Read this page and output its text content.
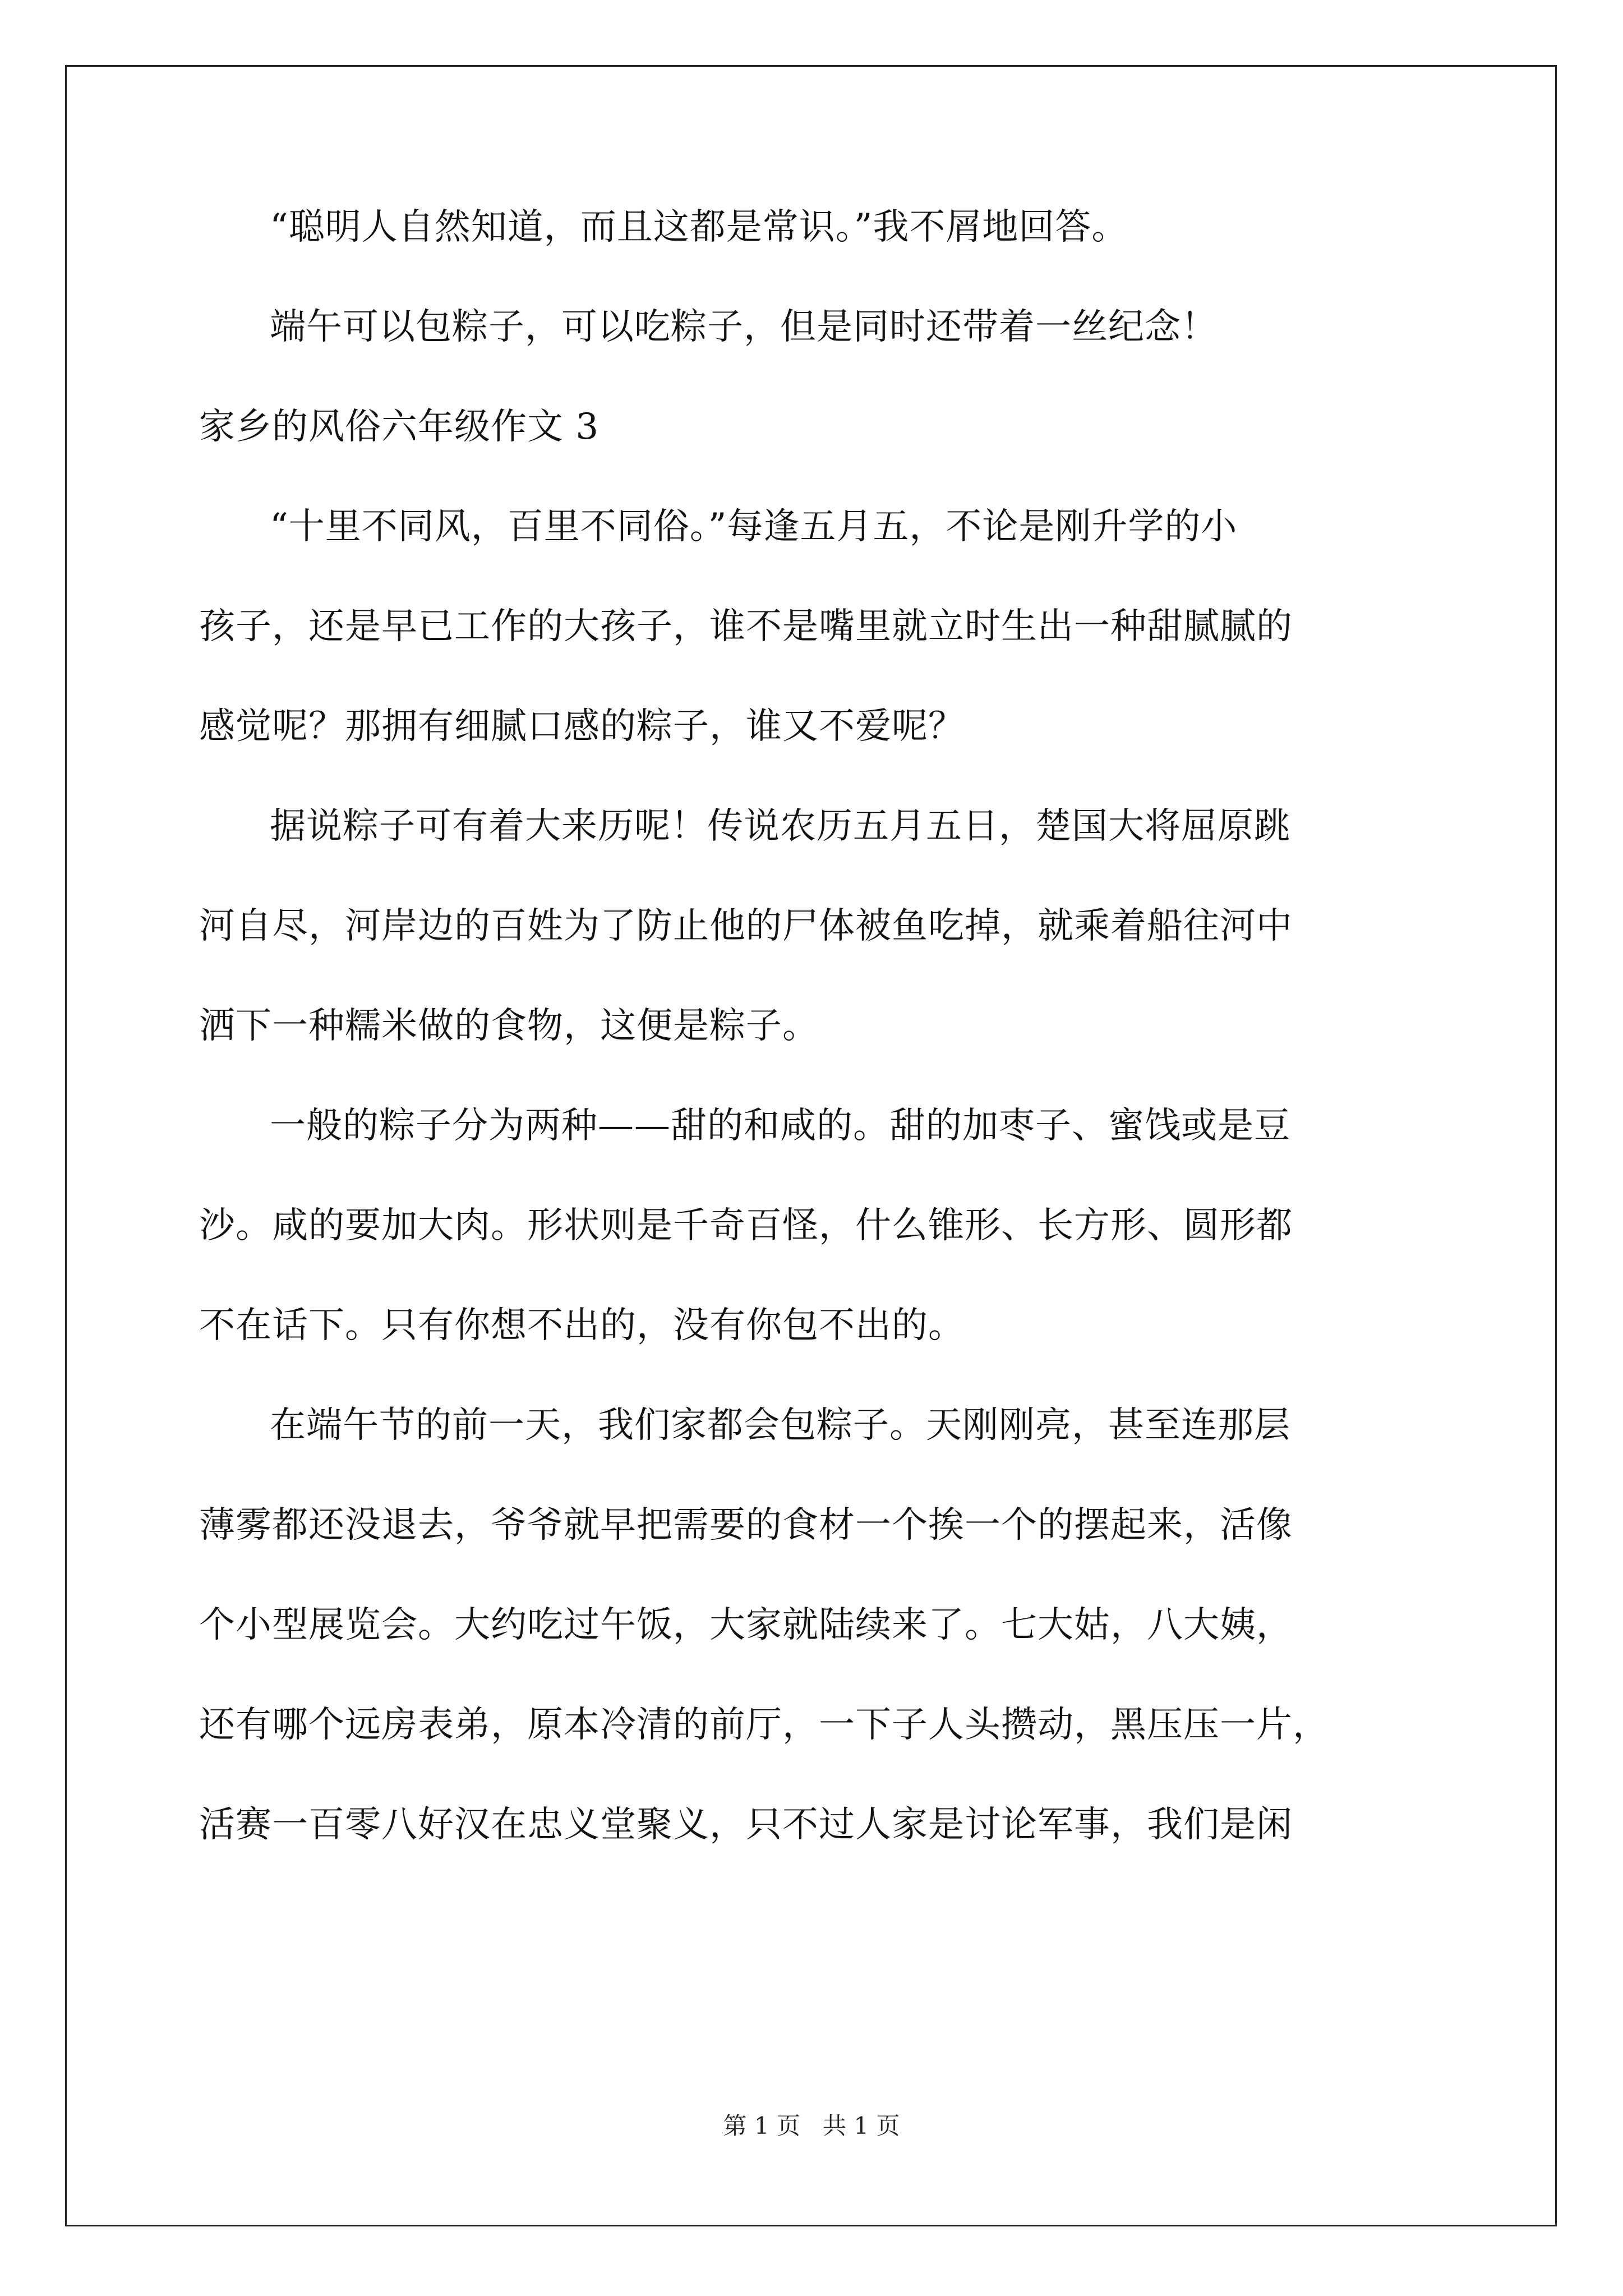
“聪明人自然知道，而且这都是常识。”我不屑地回答。
端午可以包粽子，可以吃粽子，但是同时还带着一丝纪念！
家乡的风俗六年级作文 3
“十里不同风，百里不同俗。”每逢五月五，不论是刚升学的小
孩子，还是早已工作的大孩子，谁不是嘴里就立时生出一种甜腻腻的
感觉呢？那拥有细腻口感的粽子，谁又不爱呢？
据说粽子可有着大来历呢！传说农历五月五日，楚国大将屈原跳
河自尽，河岸边的百姓为了防止他的尸体被鱼吃掉，就乘着船往河中
洒下一种糯米做的食物，这便是粽子。
一般的粽子分为两种——甜的和咸的。甜的加枣子、蜜饯或是豆
沙。咸的要加大肉。形状则是千奇百怪，什么锥形、长方形、圆形都
不在话下。只有你想不出的，没有你包不出的。
在端午节的前一天，我们家都会包粽子。天刚刚亮，甚至连那层
薄雾都还没退去，爷爷就早把需要的食材一个挨一个的摆起来，活像
个小型展览会。大约吃过午饭，大家就陆续来了。七大姑，八大姨，
还有哪个远房表弟，原本冷清的前厅，一下子人头攒动，黑压压一片，
活赛一百零八好汉在忠义堂聚义，只不过人家是讨论军事，我们是闲
第 1 页   共 1 页
